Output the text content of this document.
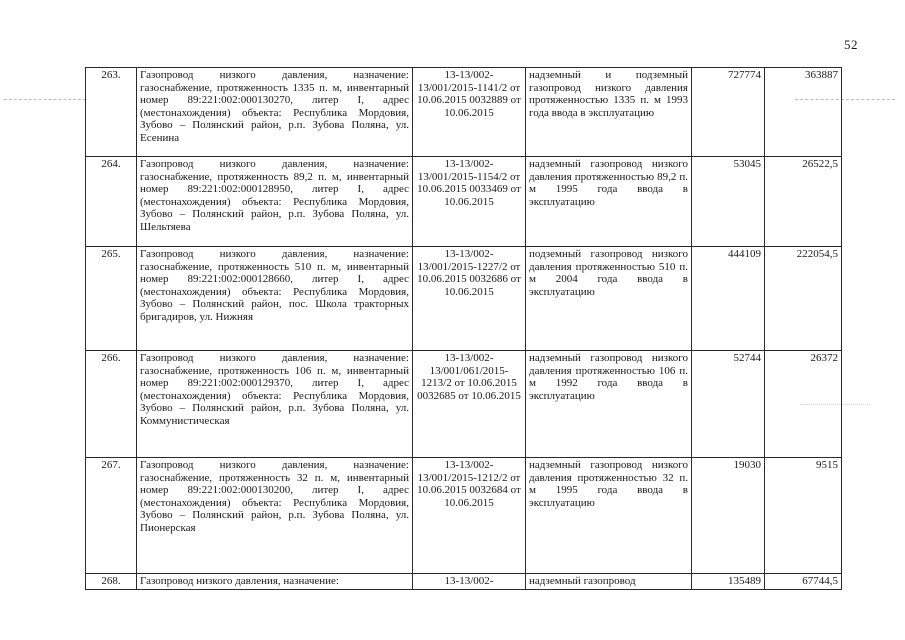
52
263.	Газопровод низкого давления, назначение: газоснабжение, протяженность 1335 п. м, инвентарный номер 89:221:002:000130270, литер I, адрес (местонахождения) объекта: Республика Мордовия, Зубово – Полянский район, р.п. Зубова Поляна, ул. Есенина	13-13/002-13/001/2015-1141/2 от 10.06.2015 0032889 от 10.06.2015	надземный и подземный газопровод низкого давления протяженностью 1335 п. м 1993 года ввода в эксплуатацию	727774	363887
264.	Газопровод низкого давления, назначение: газоснабжение, протяженность 89,2 п. м, инвентарный номер 89:221:002:000128950, литер I, адрес (местонахождения) объекта: Республика Мордовия, Зубово – Полянский район, р.п. Зубова Поляна, ул. Шельтяева	13-13/002-13/001/2015-1154/2 от 10.06.2015 0033469 от 10.06.2015	надземный газопровод низкого давления протяженностью 89,2 п. м 1995 года ввода в эксплуатацию	53045	26522,5
265.	Газопровод низкого давления, назначение: газоснабжение, протяженность 510 п. м, инвентарный номер 89:221:002:000128660, литер I, адрес (местонахождения) объекта: Республика Мордовия, Зубово – Полянский район, пос. Школа тракторных бригадиров, ул. Нижняя	13-13/002-13/001/2015-1227/2 от 10.06.2015 0032686 от 10.06.2015	подземный газопровод низкого давления протяженностью 510 п. м 2004 года ввода в эксплуатацию	444109	222054,5
266.	Газопровод низкого давления, назначение: газоснабжение, протяженность 106 п. м, инвентарный номер 89:221:002:000129370, литер I, адрес (местонахождения) объекта: Республика Мордовия, Зубово – Полянский район, р.п. Зубова Поляна, ул. Коммунистическая	13-13/002-13/001/061/2015-1213/2 от 10.06.2015 0032685 от 10.06.2015	надземный газопровод низкого давления протяженностью 106 п. м 1992 года ввода в эксплуатацию	52744	26372
267.	Газопровод низкого давления, назначение: газоснабжение, протяженность 32 п. м, инвентарный номер 89:221:002:000130200, литер I, адрес (местонахождения) объекта: Республика Мордовия, Зубово – Полянский район, р.п. Зубова Поляна, ул. Пионерская	13-13/002-13/001/2015-1212/2 от 10.06.2015 0032684 от 10.06.2015	надземный газопровод низкого давления протяженностью 32 п. м 1995 года ввода в эксплуатацию	19030	9515
268.	Газопровод низкого давления, назначение:	13-13/002-	надземный газопровод	135489	67744,5
